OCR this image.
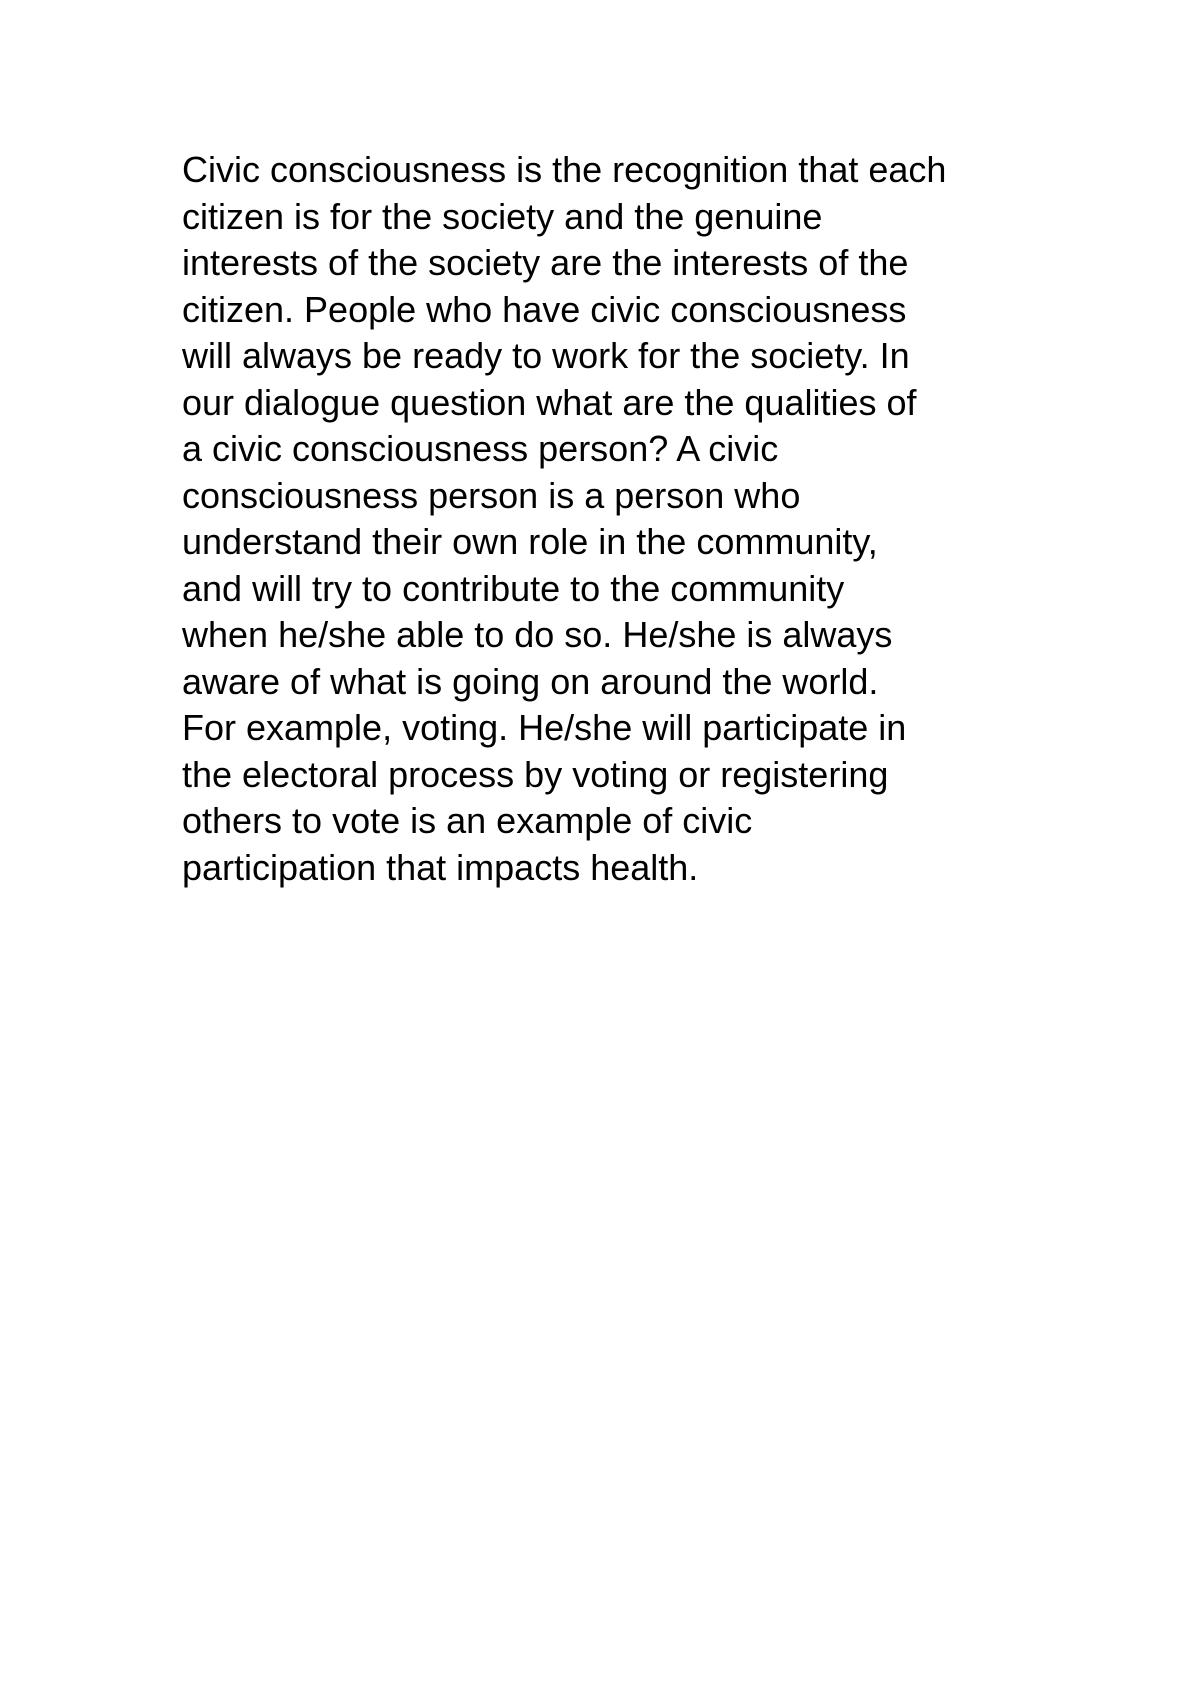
Civic consciousness is the recognition that each
citizen is for the society and the genuine
interests of the society are the interests of the
citizen. People who have civic consciousness
will always be ready to work for the society. In
our dialogue question what are the qualities of
a civic consciousness person? A civic
consciousness person is a person who
understand their own role in the community,
and will try to contribute to the community
when he/she able to do so. He/she is always
aware of what is going on around the world.
For example, voting. He/she will participate in
the electoral process by voting or registering
others to vote is an example of civic
participation that impacts health.
